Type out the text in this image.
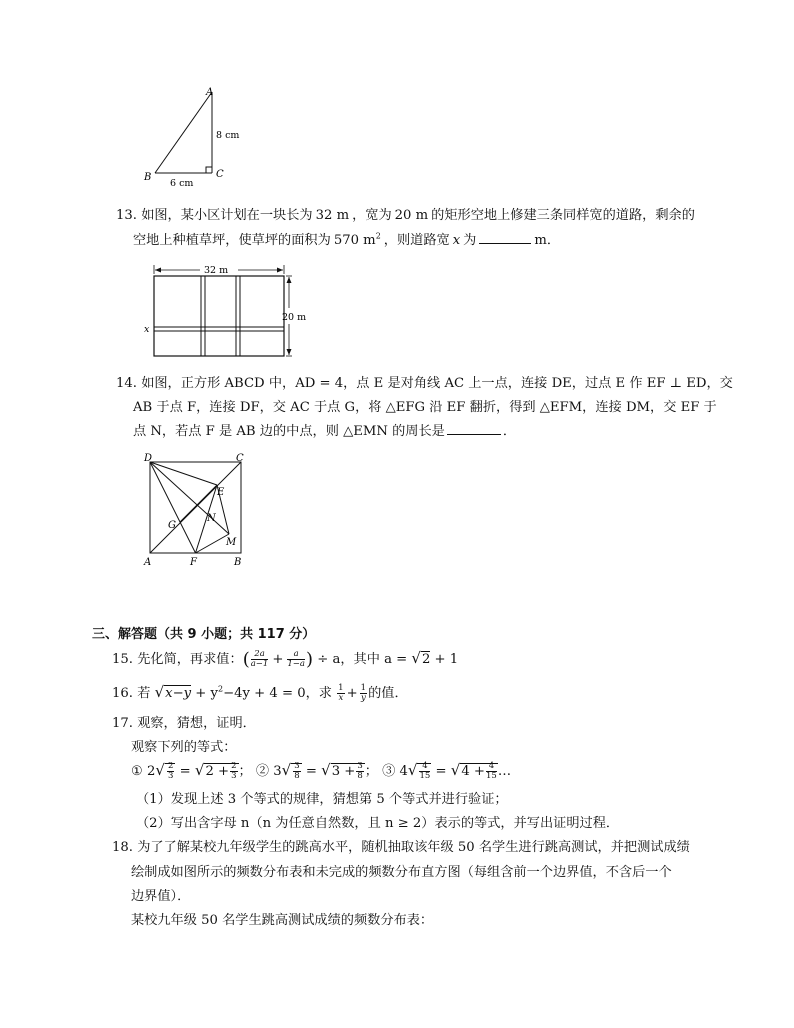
A
B	C
8 cm
6 cm
13. 如图，某小区计划在一块长为 32 m ，宽为 20 m 的矩形空地上修建三条同样宽的道路，剩余的
空地上种植草坪，使草坪的面积为 570 $m^2$ ，则道路宽 x 为	m．
32 m
x
20 m
14. 如图，正方形 ABCD 中，AD = 4，点 E 是对角线 AC 上一点，连接 DE，过点 E 作 EF ⊥ ED，交
AB 于点 F，连接 DF，交 AC 于点 G，将 △EFG 沿 EF 翻折，得到 △EFM，连接 DM，交 EF 于
点 N，若点 F 是 AB 边的中点，则 △EMN 的周长是	．
D	C
E
G
N
M
A	F	B
三、解答题（共 9 小题；共 117 分）
15. 先化简，再求值：( $\frac{2a}{a-1} + \frac{a}{1-a}$ ) ÷ a，其中 a = √2 + 1
16. 若 $√x-y + y^2-4y + 4 = 0$，求 $\frac{1}{x} + \frac{1}{y}$ 的值．
17. 观察，猜想，证明．
观察下列的等式：
① $2√ \frac{2}{3} = √2 + \frac{2}{3}$ ； ② $3√ \frac{3}{8} = √3 + \frac{3}{8}$ ； ③ $4√ \frac{4}{15} = √4 + \frac{4}{15}$ …
（1）发现上述 3 个等式的规律，猜想第 5 个等式并进行验证；
（2）写出含字母 n（n 为任意自然数，且 n ≥ 2）表示的等式，并写出证明过程．
18. 为了了解某校九年级学生的跳高水平，随机抽取该年级 50 名学生进行跳高测试，并把测试成绩
绘制成如图所示的频数分布表和未完成的频数分布直方图（每组含前一个边界值，不含后一个
边界值）．
某校九年级 50 名学生跳高测试成绩的频数分布表：
